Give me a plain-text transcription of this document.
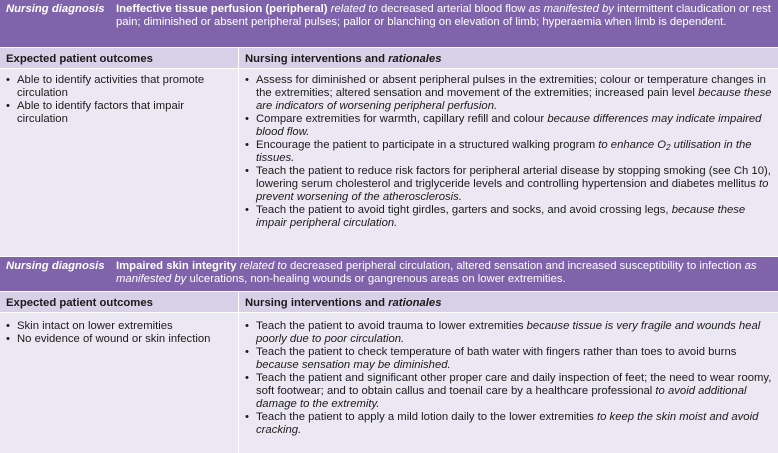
Nursing diagnosis Ineffective tissue perfusion (peripheral) related to decreased arterial blood flow as manifested by intermittent claudication or rest pain; diminished or absent peripheral pulses; pallor or blanching on elevation of limb; hyperaemia when limb is dependent.
Expected patient outcomes	Nursing interventions and rationales
• Able to identify activities that promote circulation
• Able to identify factors that impair circulation
• Assess for diminished or absent peripheral pulses in the extremities; colour or temperature changes in the extremities; altered sensation and movement of the extremities; increased pain level because these are indicators of worsening peripheral perfusion.
• Compare extremities for warmth, capillary refill and colour because differences may indicate impaired blood flow.
• Encourage the patient to participate in a structured walking program to enhance $O_2$ utilisation in the tissues.
• Teach the patient to reduce risk factors for peripheral arterial disease by stopping smoking (see Ch 10), lowering serum cholesterol and triglyceride levels and controlling hypertension and diabetes mellitus to prevent worsening of the atherosclerosis.
• Teach the patient to avoid tight girdles, garters and socks, and avoid crossing legs, because these impair peripheral circulation.
Nursing diagnosis Impaired skin integrity related to decreased peripheral circulation, altered sensation and increased susceptibility to infection as manifested by ulcerations, non-healing wounds or gangrenous areas on lower extremities.
Expected patient outcomes	Nursing interventions and rationales
• Skin intact on lower extremities
• No evidence of wound or skin infection
• Teach the patient to avoid trauma to lower extremities because tissue is very fragile and wounds heal poorly due to poor circulation.
• Teach the patient to check temperature of bath water with fingers rather than toes to avoid burns because sensation may be diminished.
• Teach the patient and significant other proper care and daily inspection of feet; the need to wear roomy, soft footwear; and to obtain callus and toenail care by a healthcare professional to avoid additional damage to the extremity.
• Teach the patient to apply a mild lotion daily to the lower extremities to keep the skin moist and avoid cracking.
